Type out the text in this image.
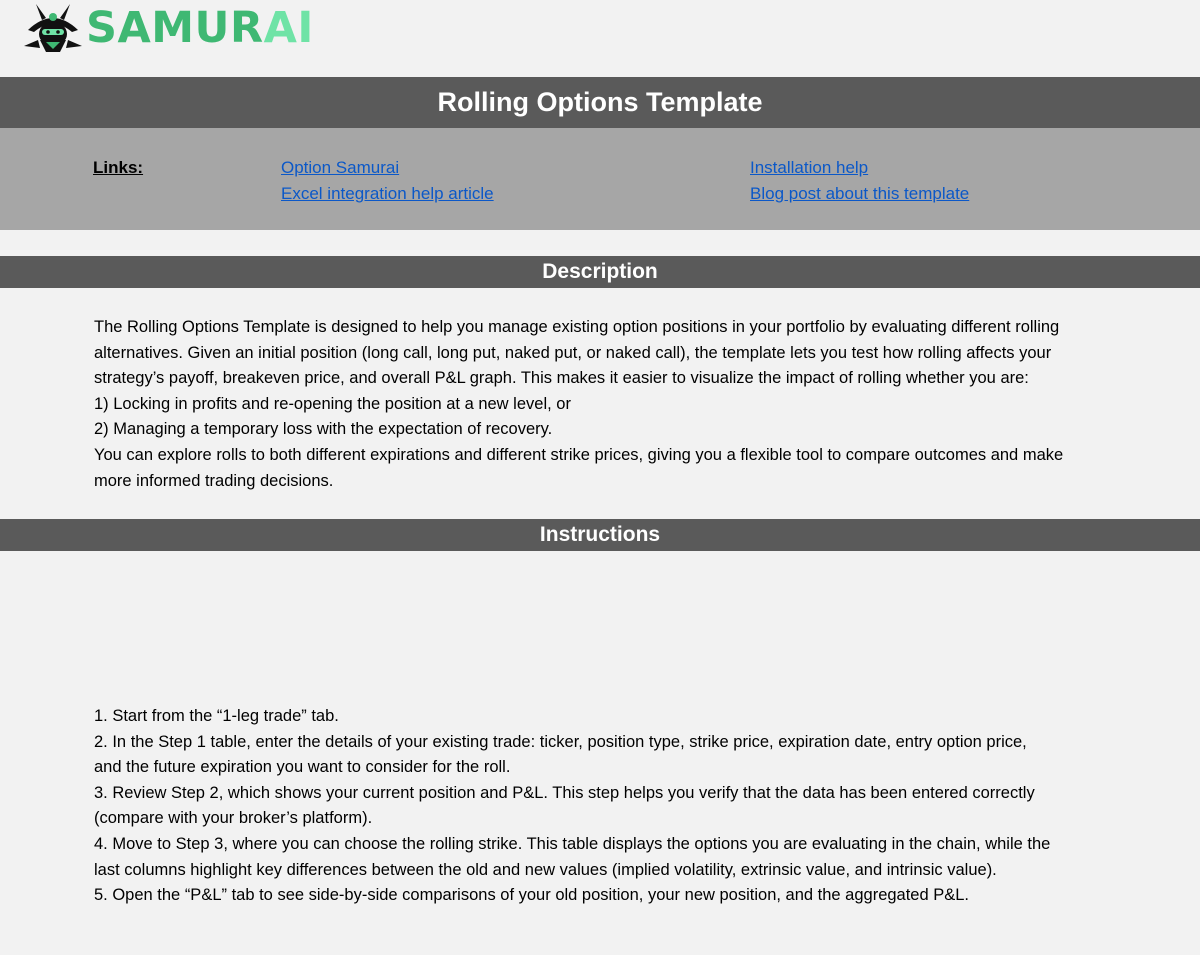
SAMURAI
Rolling Options Template
Links:	Option Samurai
Excel integration help article
Installation help
Blog post about this template
Description
The Rolling Options Template is designed to help you manage existing option positions in your portfolio by evaluating different rolling
alternatives. Given an initial position (long call, long put, naked put, or naked call), the template lets you test how rolling affects your
strategy’s payoff, breakeven price, and overall P&L graph. This makes it easier to visualize the impact of rolling whether you are:
1) Locking in profits and re-opening the position at a new level, or
2) Managing a temporary loss with the expectation of recovery.
You can explore rolls to both different expirations and different strike prices, giving you a flexible tool to compare outcomes and make
more informed trading decisions.
Instructions
1. Start from the “1-leg trade” tab.
2. In the Step 1 table, enter the details of your existing trade: ticker, position type, strike price, expiration date, entry option price,
and the future expiration you want to consider for the roll.
3. Review Step 2, which shows your current position and P&L. This step helps you verify that the data has been entered correctly
(compare with your broker’s platform).
4. Move to Step 3, where you can choose the rolling strike. This table displays the options you are evaluating in the chain, while the
last columns highlight key differences between the old and new values (implied volatility, extrinsic value, and intrinsic value).
5. Open the “P&L” tab to see side-by-side comparisons of your old position, your new position, and the aggregated P&L.
